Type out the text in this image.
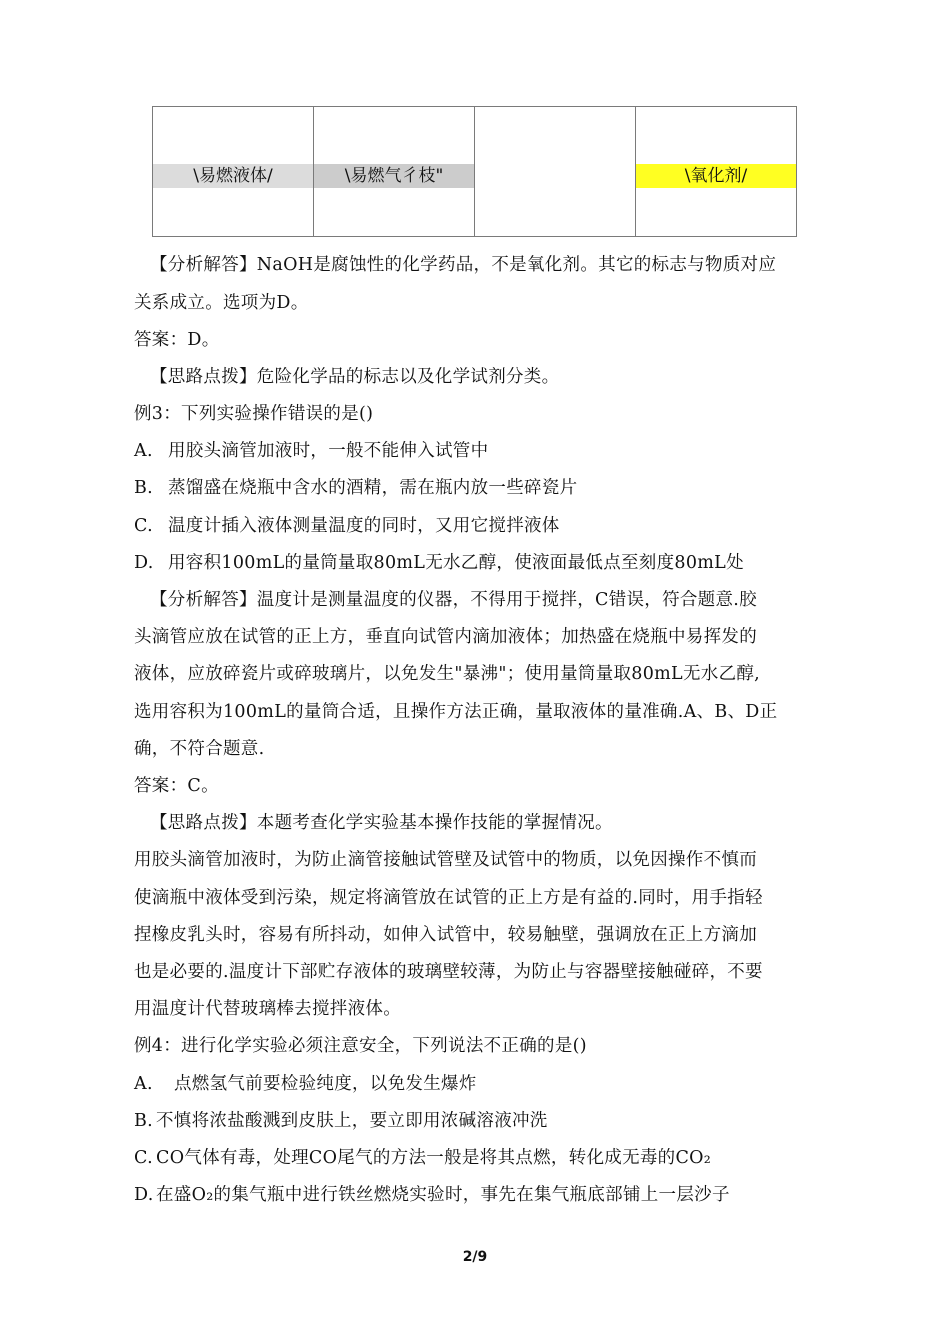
\易燃液体/	\易燃气彳枝"		\氧化剂/
【分析解答】NaOH是腐蚀性的化学药品，不是氧化剂。其它的标志与物质对应
关系成立。选项为D。
答案：D。
【思路点拨】危险化学品的标志以及化学试剂分类。
例3：下列实验操作错误的是()
A. 用胶头滴管加液时，一般不能伸入试管中
B. 蒸馏盛在烧瓶中含水的酒精，需在瓶内放一些碎瓷片
C. 温度计插入液体测量温度的同时，又用它搅拌液体
D. 用容积100mL的量筒量取80mL无水乙醇，使液面最低点至刻度80mL处
【分析解答】温度计是测量温度的仪器，不得用于搅拌，C错误，符合题意.胶
头滴管应放在试管的正上方，垂直向试管内滴加液体；加热盛在烧瓶中易挥发的
液体，应放碎瓷片或碎玻璃片，以免发生"暴沸"；使用量筒量取80mL无水乙醇,
选用容积为100mL的量筒合适，且操作方法正确，量取液体的量准确.A、B、D正
确，不符合题意.
答案：C。
【思路点拨】本题考查化学实验基本操作技能的掌握情况。
用胶头滴管加液时，为防止滴管接触试管壁及试管中的物质，以免因操作不慎而
使滴瓶中液体受到污染，规定将滴管放在试管的正上方是有益的.同时，用手指轻
捏橡皮乳头时，容易有所抖动，如伸入试管中，较易触壁，强调放在正上方滴加
也是必要的.温度计下部贮存液体的玻璃壁较薄，为防止与容器壁接触碰碎，不要
用温度计代替玻璃棒去搅拌液体。
例4：进行化学实验必须注意安全，下列说法不正确的是()
A. 点燃氢气前要检验纯度，以免发生爆炸
B. 不慎将浓盐酸溅到皮肤上，要立即用浓碱溶液冲洗
C. CO气体有毒，处理CO尾气的方法一般是将其点燃，转化成无毒的CO₂
D. 在盛O₂的集气瓶中进行铁丝燃烧实验时，事先在集气瓶底部铺上一层沙子
2/9
